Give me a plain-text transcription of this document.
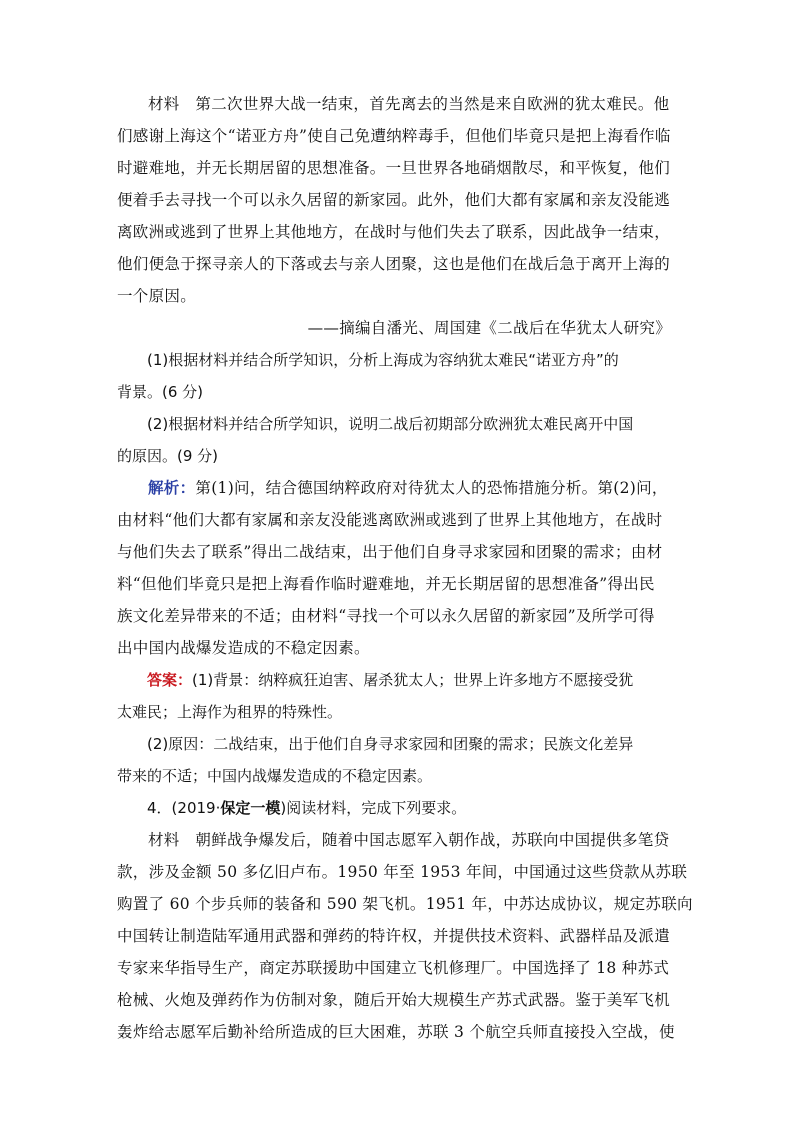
材料　 第二次世界大战一结束，首先离去的当然是来自欧洲的犹太难民。他

们感谢上海这个“诺亚方舟”使自己免遭纳粹毒手，但他们毕竟只是把上海看作临

时避难地，并无长期居留的思想准备。一旦世界各地硝烟散尽，和平恢复，他们

便着手去寻找一个可以永久居留的新家园。此外，他们大都有家属和亲友没能逃

离欧洲或逃到了世界上其他地方，在战时与他们失去了联系，因此战争一结束，

他们便急于探寻亲人的下落或去与亲人团聚，这也是他们在战后急于离开上海的

一个原因。

——摘编自潘光、周国建《二战后在华犹太人研究》

(1)根据材料并结合所学知识，分析上海成为容纳犹太难民“诺亚方舟”的

背景。(6 分)

(2)根据材料并结合所学知识，说明二战后初期部分欧洲犹太难民离开中国

的原因。(9 分)

解析：第(1)问，结合德国纳粹政府对待犹太人的恐怖措施分析。第(2)问，

由材料“他们大都有家属和亲友没能逃离欧洲或逃到了世界上其他地方，在战时

与他们失去了联系”得出二战结束，出于他们自身寻求家园和团聚的需求；由材

料“但他们毕竟只是把上海看作临时避难地，并无长期居留的思想准备”得出民

族文化差异带来的不适；由材料“寻找一个可以永久居留的新家园”及所学可得

出中国内战爆发造成的不稳定因素。

答案：(1)背景：纳粹疯狂迫害、屠杀犹太人；世界上许多地方不愿接受犹

太难民；上海作为租界的特殊性。

(2)原因：二战结束，出于他们自身寻求家园和团聚的需求；民族文化差异

带来的不适；中国内战爆发造成的不稳定因素。

4．(2019·保定一模)阅读材料，完成下列要求。

材料　 朝鲜战争爆发后，随着中国志愿军入朝作战，苏联向中国提供多笔贷

款，涉及金额 50 多亿旧卢布。1950 年至 1953 年间，中国通过这些贷款从苏联

购置了 60 个步兵师的装备和 590 架飞机。1951 年，中苏达成协议，规定苏联向

中国转让制造陆军通用武器和弹药的特许权，并提供技术资料、武器样品及派遣

专家来华指导生产，商定苏联援助中国建立飞机修理厂。中国选择了 18 种苏式

枪械、火炮及弹药作为仿制对象，随后开始大规模生产苏式武器。鉴于美军飞机

轰炸给志愿军后勤补给所造成的巨大困难，苏联 3 个航空兵师直接投入空战，使
